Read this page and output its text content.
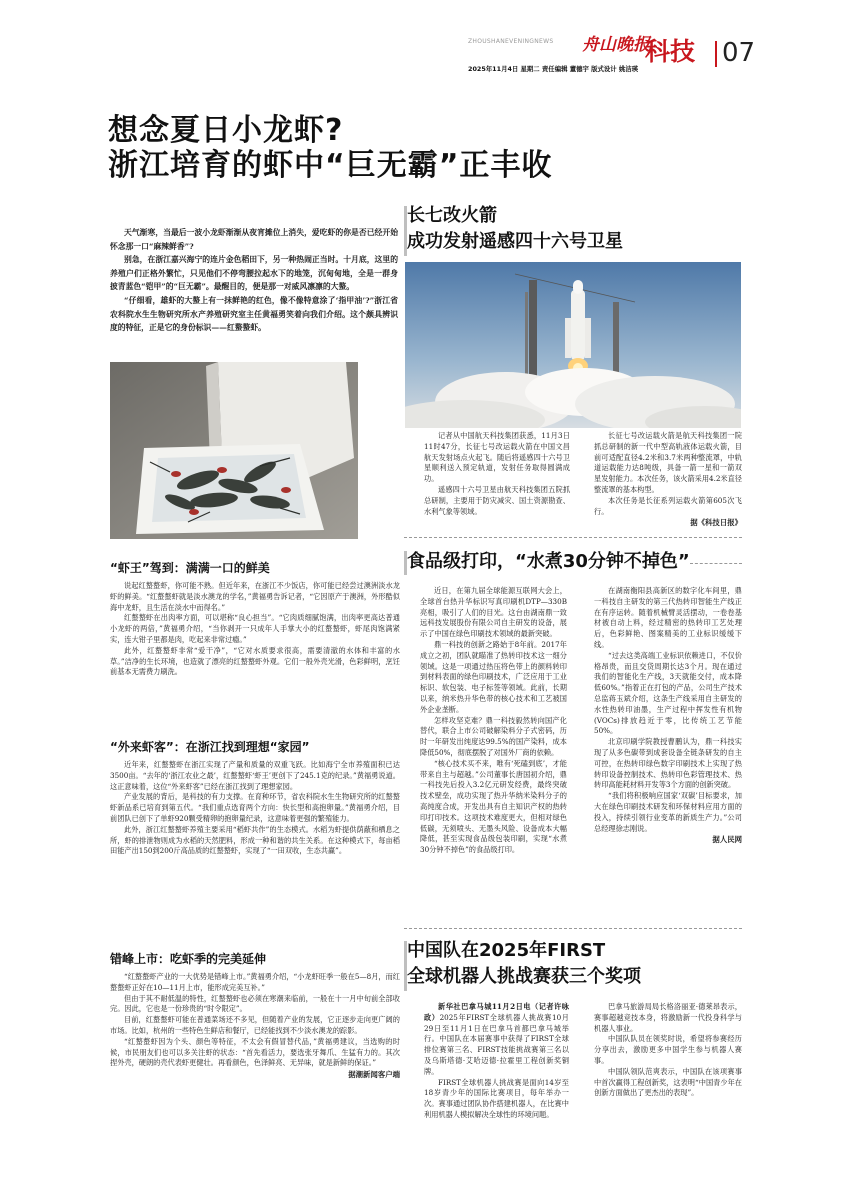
ZHOUSHANEVENINGNEWS 舟山晚报
科技 07
2025年11月4日 星期二 责任编辑 董德宇 版式设计 姚洁瑛
想念夏日小龙虾?
浙江培育的虾中“巨无霸”正丰收

天气渐寒，当最后一波小龙虾渐渐从夜宵摊位上消失，爱吃虾的你是否已经开始怀念那一口“麻辣鲜香”?

别急，在浙江嘉兴海宁的连片金色稻田下，另一种热闹正当时。十月底，这里的养殖户们正格外繁忙，只见他们不停弯腰拉起水下的地笼，沉甸甸地，全是一群身披青蓝色“铠甲”的“巨无霸”。最醒目的，便是那一对威风凛凛的大螯。

“仔细看，雄虾的大螯上有一抹鲜艳的红色，像不像特意涂了‘指甲油’?”浙江省农科院水生生物研究所水产养殖研究室主任黄福勇笑着向我们介绍。这个颇具辨识度的特征，正是它的身份标识——红螯螯虾。

“虾王”驾到：满满一口的鲜美

说起红螯螯虾，你可能不熟。但近年来，在浙江不少饭店，你可能已经尝过澳洲淡水龙虾的鲜美。“红螯螯虾就是淡水澳龙的学名，”黄福勇告诉记者，“它因原产于澳洲，外形酷似海中龙虾，且生活在淡水中而得名。”

红螯螯虾在出肉率方面，可以堪称“良心担当”。“它肉质细腻饱满，出肉率更高达普通小龙虾的两倍，”黄福勇介绍，“当你剥开一只成年人手掌大小的红螯螯虾，虾尾肉饱满紧实，连大钳子里都是肉，吃起来非常过瘾。”

此外，红螯螯虾非常“爱干净”，“它对水质要求很高，需要清澈的水体和丰富的水草。”洁净的生长环境，也造就了漂亮的红螯螯虾外观。它们一般外壳光滑，色彩鲜明，烹饪前基本无需费力刷洗。

“外来虾客”：在浙江找到理想“家园”

近年来，红螯螯虾在浙江实现了产量和质量的双重飞跃。比如海宁全市养殖面积已达3500亩。“去年的‘浙江农业之最’，红螯螯虾‘虾王’更创下了245.1克的纪录。”黄福勇说道。这正意味着，这位“外来虾客”已经在浙江找到了理想家园。

产业发展的背后，是科技的有力支撑。在育种环节，省农科院水生生物研究所的红螯螯虾新品系已培育到第五代。“我们重点选育两个方向：快长型和高抱卵量。”黄福勇介绍，目前团队已创下了单虾920颗受精卵的抱卵量纪录，这意味着更强的繁殖能力。

此外，浙江红螯螯虾养殖主要采用“稻虾共作”的生态模式。水稻为虾提供荫蔽和栖息之所，虾的排泄物则成为水稻的天然肥料，形成一种和谐的共生关系。在这种模式下，每亩稻田能产出150到200斤高品质的红螯螯虾，实现了“一田双收，生态共赢”。

错峰上市：吃虾季的完美延伸

“红螯螯虾产业的一大优势是错峰上市。”黄福勇介绍，“小龙虾旺季一般在5—8月，而红螯螯虾正好在10—11月上市，能形成完美互补。”

但由于其不耐低温的特性，红螯螯虾也必须在寒潮来临前，一般在十一月中旬前全部收完。因此，它也是一份珍贵的“时令限定”。

目前，红螯螯虾可能在普通菜场还不多见，但随着产业的发展，它正逐步走向更广阔的市场。比如，杭州的一些特色生鲜店和餐厅，已经能找到不少淡水澳龙的踪影。

“红螯螯虾因为个头、颜色等特征，不太会有假冒替代品，”黄福勇建议，当选购的时候，市民朋友们也可以多关注虾的状态：“首先看活力，要选张牙舞爪、生猛有力的。其次捏外壳，硬朗的壳代表虾更健壮。再看颜色，色泽鲜亮、无异味，就是新鲜的保证。”

据潮新闻客户端
长七改火箭
成功发射遥感四十六号卫星

记者从中国航天科技集团获悉，11月3日11时47分，长征七号改运载火箭在中国文昌航天发射场点火起飞。随后将遥感四十六号卫星顺利送入预定轨道，发射任务取得圆满成功。

遥感四十六号卫星由航天科技集团五院抓总研制，主要用于防灾减灾、国土资源勘查、水利气象等领域。

长征七号改运载火箭是航天科技集团一院抓总研制的新一代中型高轨液体运载火箭，目前可适配直径4.2米和3.7米两种整流罩，中轨道运载能力达8吨级，具备一箭一星和一箭双星发射能力。本次任务，该火箭采用4.2米直径整流罩的基本构型。

本次任务是长征系列运载火箭第605次飞行。

据《科技日报》
食品级打印，“水煮30分钟不掉色”

近日，在第九届全球能源互联网大会上，全球首台热升华标识写真印刷机DTP—330B亮相，吸引了人们的目光。这台由湖南鼎一致远科技发展股份有限公司自主研发的设备，展示了中国在绿色印刷技术领域的最新突破。

鼎一科技的创新之路始于8年前。2017年成立之初，团队就瞄准了热转印技术这一细分领域。这是一项通过热压将色带上的颜料转印到材料表面的绿色印刷技术，广泛应用于工业标识、软包装、电子标签等领域。此前，长期以来，纳米热升华色带的核心技术和工艺被国外企业垄断。

怎样攻坚克难？鼎一科技毅然转向国产化替代，联合上市公司破解染料分子式密码，历时一年研发出纯度达99.5%的国产染料，成本降低50%，彻底摆脱了对国外厂商的依赖。

“核心技术买不来，唯有‘死磕到底’，才能带来自主与超越。”公司董事长唐国初介绍，鼎一科技先后投入3.2亿元研发经费，最终突破技术壁垒，成功实现了热升华纳米染料分子的高纯度合成，开发出具有自主知识产权的热转印打印技术。这项技术难度更大，但相对绿色低碳，无须喷头、无墨头风险、设备成本大幅降低，甚至实现食品级包装印刷，实现“水煮30分钟不掉色”的食品级打印。

在湖南衡阳县高新区的数字化车间里，鼎一科技自主研发的第三代热转印智能生产线正在有序运转。随着机械臂灵活摆动，一卷卷基材被自动上料，经过精密的热转印工艺处理后，色彩鲜艳、图案精美的工业标识缓缓下线。

“过去这类高端工业标识依赖进口，不仅价格昂贵，而且交货周期长达3个月。现在通过我们的智能化生产线，3天就能交付，成本降低60%。”指着正在打包的产品，公司生产技术总监蒋玉斌介绍，这条生产线采用自主研发的水性热转印油墨，生产过程中挥发性有机物(VOCs)排放趋近于零，比传统工艺节能50%。

北京印刷学院教授曹鹏认为，鼎一科技实现了从多色碳带到成套设备全链条研发的自主可控，在热转印绿色数字印刷技术上实现了热转印设备控制技术、热转印色彩管理技术、热转印高能耗材料开发等3个方面的创新突破。

“我们将积极响应国家‘双碳’目标要求，加大在绿色印刷技术研发和环保材料应用方面的投入，持续引领行业变革的新质生产力。”公司总经理徐志刚说。

据人民网
中国队在2025年FIRST
全球机器人挑战赛获三个奖项

新华社巴拿马城11月2日电（记者许咏政）2025年FIRST全球机器人挑战赛10月29日至11月1日在巴拿马首都巴拿马城举行。中国队在本届赛事中获得了FIRST全球排位赛第三名、FIRST技能挑战赛第三名以及乌斯塔德·艾哈迈德·拉霍里工程创新奖铜牌。

FIRST全球机器人挑战赛是面向14岁至18岁青少年的国际比赛项目，每年举办一次。赛事通过团队协作搭建机器人，在比赛中利用机器人模拟解决全球性的环境问题。

巴拿马旅游局局长格洛丽亚·德莱昂表示，赛事超越竞技本身，将激励新一代投身科学与机器人事业。

中国队队员在领奖时说，希望将参赛经历分享出去，激励更多中国学生参与机器人赛事。

中国队领队范爽表示，中国队在该项赛事中首次赢得工程创新奖，这表明“中国青少年在创新方面做出了更杰出的表现”。
